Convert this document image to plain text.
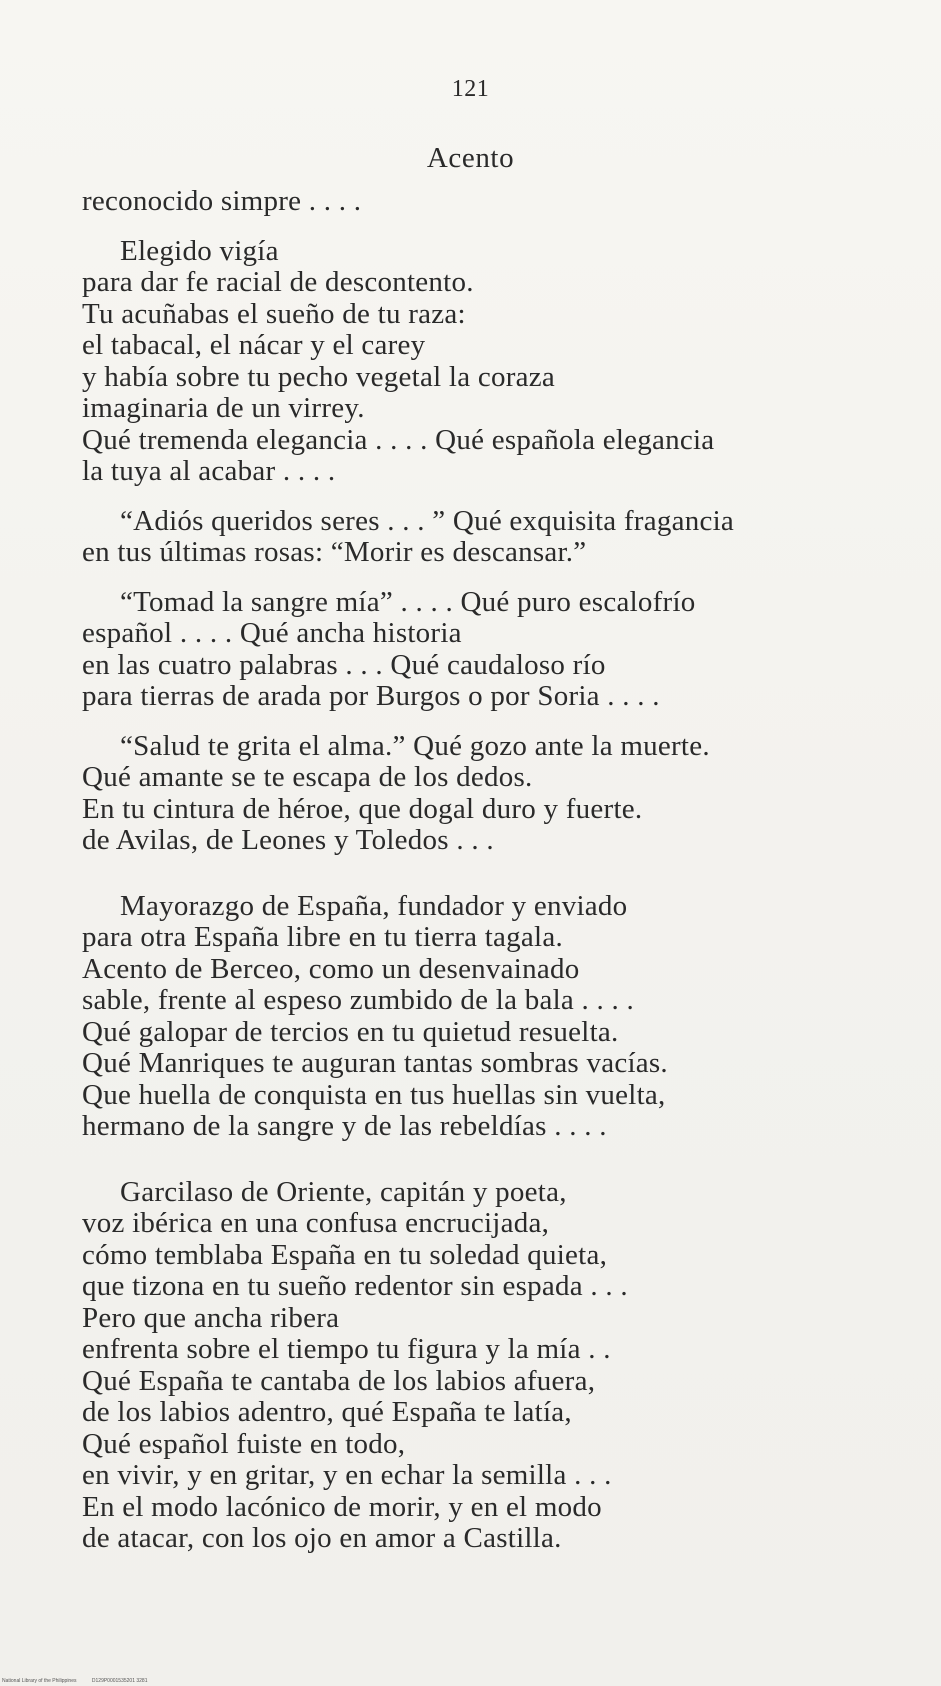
121
Acento
reconocido simpre . . . .
Elegido vigía
para dar fe racial de descontento.
Tu acuñabas el sueño de tu raza:
el tabacal, el nácar y el carey
y había sobre tu pecho vegetal la coraza
imaginaria de un virrey.
Qué tremenda elegancia . . . . Qué española elegancia
la tuya al acabar . . . .
“Adiós queridos seres . . . ” Qué exquisita fragancia
en tus últimas rosas: “Morir es descansar.”
“Tomad la sangre mía” . . . . Qué puro escalofrío
español . . . . Qué ancha historia
en las cuatro palabras . . . Qué caudaloso río
para tierras de arada por Burgos o por Soria . . . .
“Salud te grita el alma.” Qué gozo ante la muerte.
Qué amante se te escapa de los dedos.
En tu cintura de héroe, que dogal duro y fuerte.
de Avilas, de Leones y Toledos . . .
Mayorazgo de España, fundador y enviado
para otra España libre en tu tierra tagala.
Acento de Berceo, como un desenvainado
sable, frente al espeso zumbido de la bala . . . .
Qué galopar de tercios en tu quietud resuelta.
Qué Manriques te auguran tantas sombras vacías.
Que huella de conquista en tus huellas sin vuelta,
hermano de la sangre y de las rebeldías . . . .
Garcilaso de Oriente, capitán y poeta,
voz ibérica en una confusa encrucijada,
cómo temblaba España en tu soledad quieta,
que tizona en tu sueño redentor sin espada . . .
Pero que ancha ribera
enfrenta sobre el tiempo tu figura y la mía . .
Qué España te cantaba de los labios afuera,
de los labios adentro, qué España te latía,
Qué español fuiste en todo,
en vivir, y en gritar, y en echar la semilla . . .
En el modo lacónico de morir, y en el modo
de atacar, con los ojo en amor a Castilla.
National Library of the Philippines	D129P0001535201 3281
